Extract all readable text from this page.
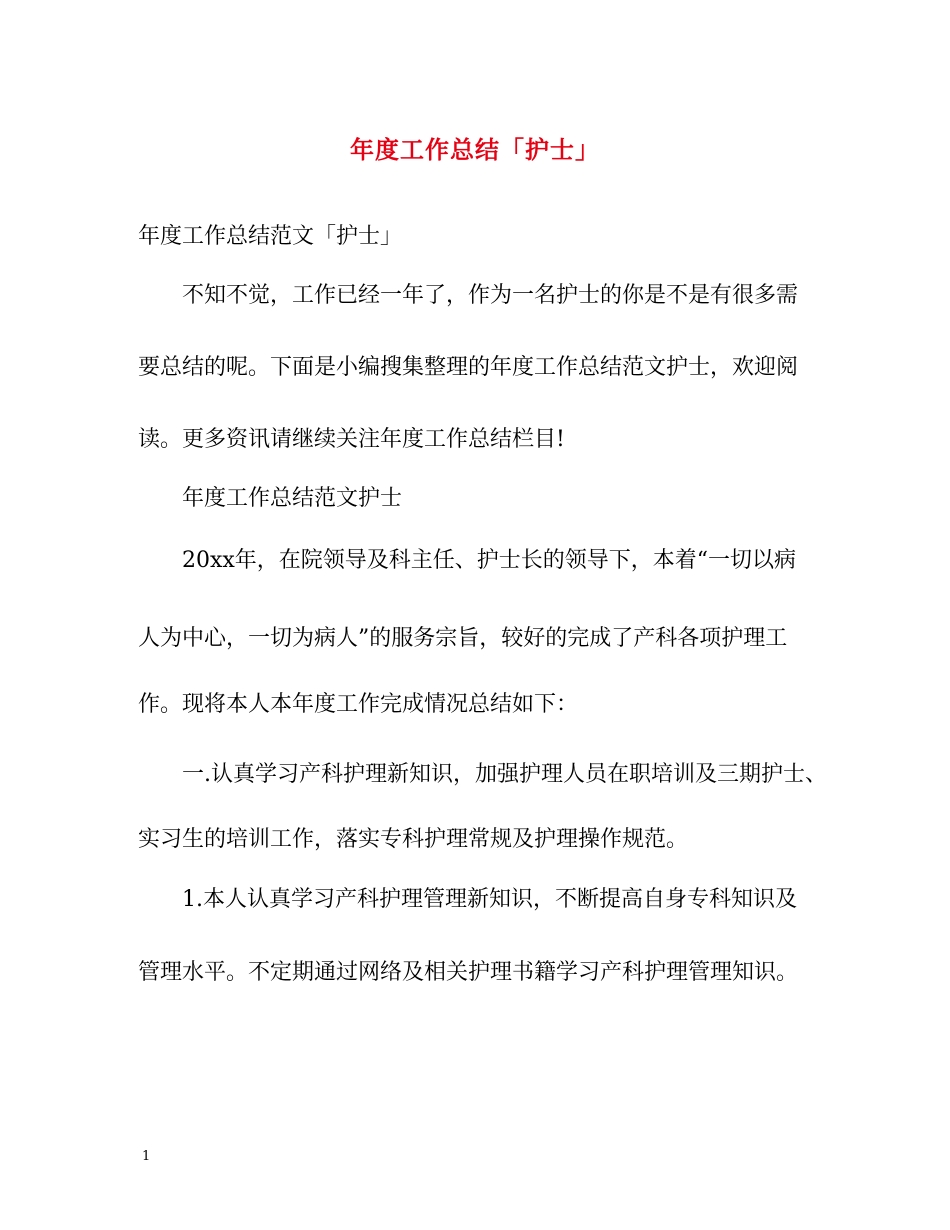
年度工作总结「护士」
年度工作总结范文「护士」
　　不知不觉，工作已经一年了，作为一名护士的你是不是有很多需
要总结的呢。下面是小编搜集整理的年度工作总结范文护士，欢迎阅
读。更多资讯请继续关注年度工作总结栏目!
　　年度工作总结范文护士
　　20xx年，在院领导及科主任、护士长的领导下，本着“一切以病
人为中心，一切为病人”的服务宗旨，较好的完成了产科各项护理工
作。现将本人本年度工作完成情况总结如下：
　　一.认真学习产科护理新知识，加强护理人员在职培训及三期护士、
实习生的培训工作，落实专科护理常规及护理操作规范。
　　1.本人认真学习产科护理管理新知识，不断提高自身专科知识及
管理水平。不定期通过网络及相关护理书籍学习产科护理管理知识。
1
